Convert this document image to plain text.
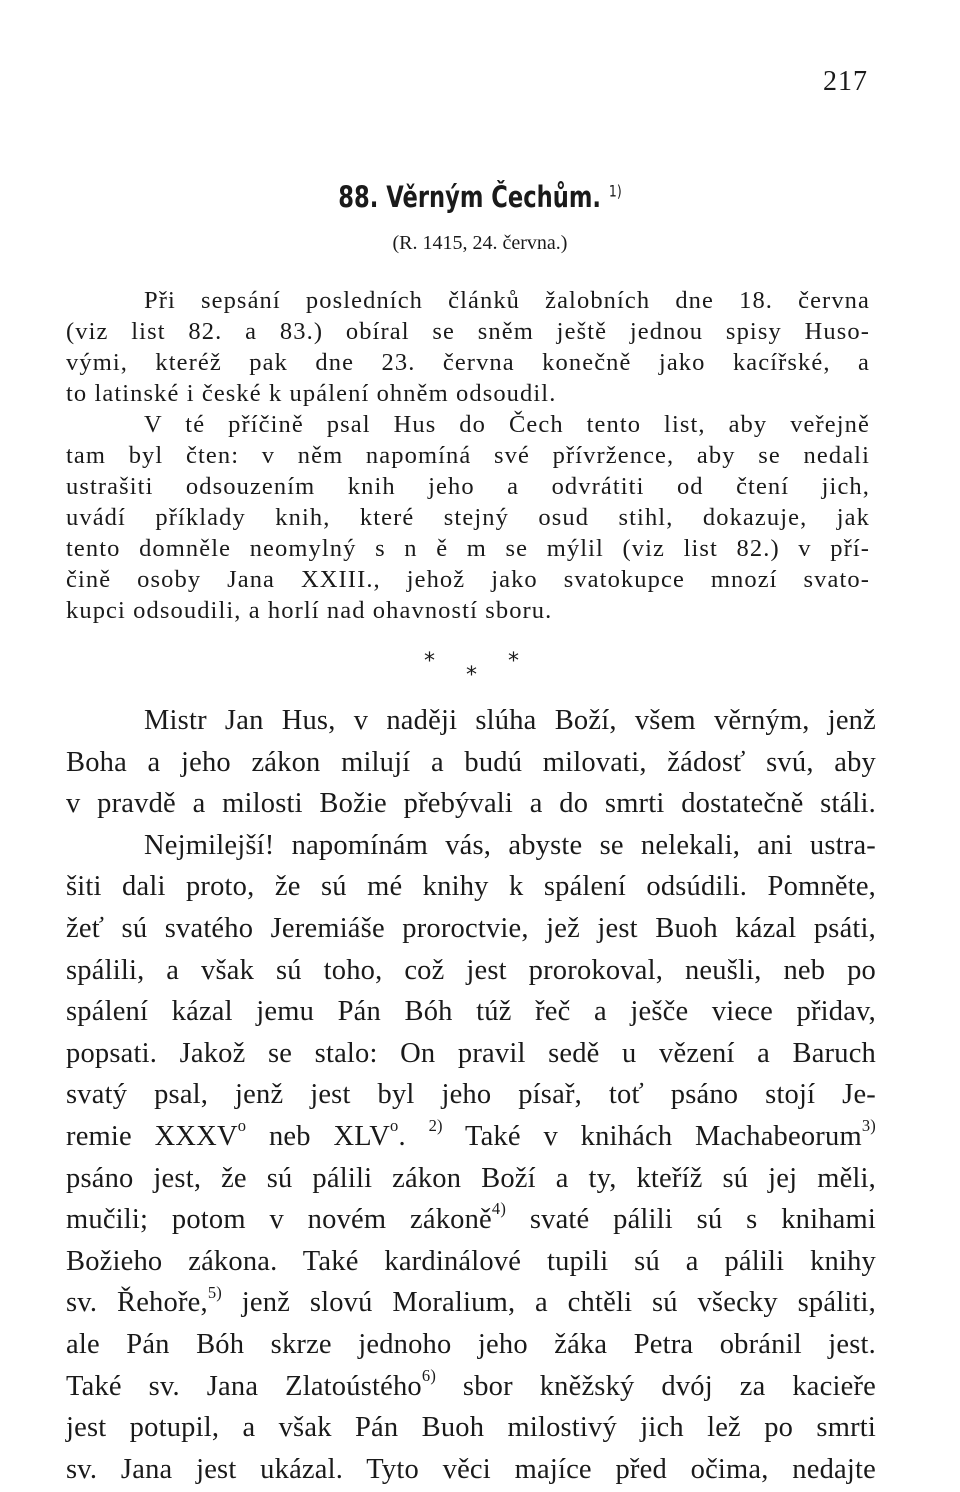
217
88. Věrným Čechům. $^{1)}$
(R. 1415, 24. června.)
Při sepsání posledních článků žalobních dne 18. června
(viz list 82. a 83.) obíral se sněm ještě jednou spisy Huso-
vými, kteréž pak dne 23. června konečně jako kacířské, a
to latinské i české k upálení ohněm odsoudil.
V té příčině psal Hus do Čech tento list, aby veřejně
tam byl čten: v něm napomíná své přívržence, aby se nedali
ustrašiti odsouzením knih jeho a odvrátiti od čtení jich,
uvádí příklady knih, které stejný osud stihl, dokazuje, jak
tento domněle neomylný s n ě m se mýlil (viz list 82.) v pří-
čině osoby Jana XXIII., jehož jako svatokupce mnozí svato-
kupci odsoudili, a horlí nad ohavností sboru.
*	*
*
Mistr Jan Hus, v naději slúha Boží, všem věrným, jenž
Boha a jeho zákon milují a budú milovati, žádosť svú, aby
v pravdě a milosti Božie přebývali a do smrti dostatečně stáli.
Nejmilejší! napomínám vás, abyste se nelekali, ani ustra-
šiti dali proto, že sú mé knihy k spálení odsúdili. Pomněte,
žeť sú svatého Jeremiáše proroctvie, jež jest Buoh kázal psáti,
spálili, a však sú toho, což jest prorokoval, neušli, neb po
spálení kázal jemu Pán Bóh túž řeč a ješče viece přidav,
popsati. Jakož se stalo: On pravil sedě u vězení a Baruch
svatý psal, jenž jest byl jeho písař, toť psáno stojí Je-
remie XXXV$^o$ neb XLV$^o$. $^{2)}$ Také v knihách Machabeorum$^{3)}$
psáno jest, že sú pálili zákon Boží a ty, kteříž sú jej měli,
mučili; potom v novém zákoně$^{4)}$ svaté pálili sú s knihami
Božieho zákona. Také kardinálové tupili sú a pálili knihy
sv. Řehoře,$^{5)}$ jenž slovú Moralium, a chtěli sú všecky spáliti,
ale Pán Bóh skrze jednoho jeho žáka Petra obránil jest.
Také sv. Jana Zlatoústého$^{6)}$ sbor kněžský dvój za kacieře
jest potupil, a však Pán Buoh milostivý jich lež po smrti
sv. Jana jest ukázal. Tyto věci majíce před očima, nedajte
